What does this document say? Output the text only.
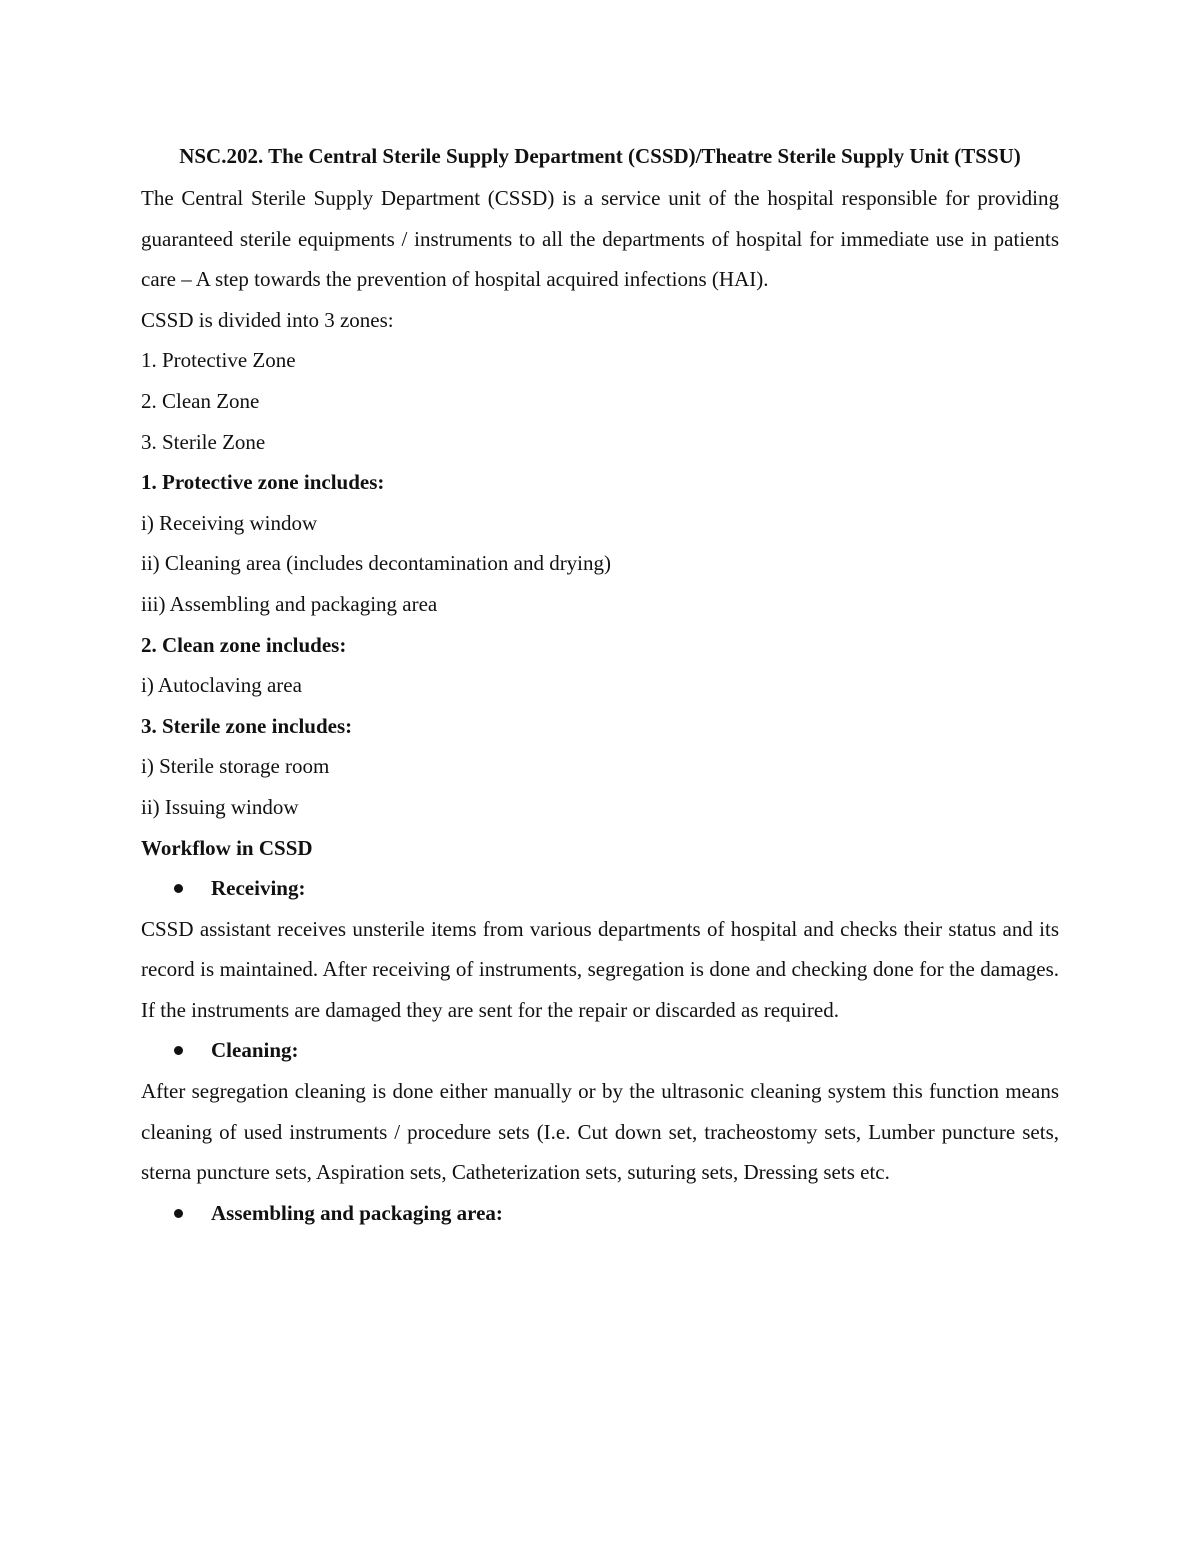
NSC.202. The Central Sterile Supply Department (CSSD)/Theatre Sterile Supply Unit (TSSU)

The Central Sterile Supply Department (CSSD) is a service unit of the hospital responsible for providing guaranteed sterile equipments / instruments to all the departments of hospital for immediate use in patients care – A step towards the prevention of hospital acquired infections (HAI).

CSSD is divided into 3 zones:

1. Protective Zone

2. Clean Zone

3. Sterile Zone

1. Protective zone includes:

i) Receiving window

ii) Cleaning area (includes decontamination and drying)

iii) Assembling and packaging area

2. Clean zone includes:

i) Autoclaving area

3. Sterile zone includes:

i) Sterile storage room

ii) Issuing window

Workflow in CSSD

Receiving:

CSSD assistant receives unsterile items from various departments of hospital and checks their status and its record is maintained. After receiving of instruments, segregation is done and checking done for the damages. If the instruments are damaged they are sent for the repair or discarded as required.

Cleaning:

After segregation cleaning is done either manually or by the ultrasonic cleaning system this function means cleaning of used instruments / procedure sets (I.e. Cut down set, tracheostomy sets, Lumber puncture sets, sterna puncture sets, Aspiration sets, Catheterization sets, suturing sets, Dressing sets etc.

Assembling and packaging area:
